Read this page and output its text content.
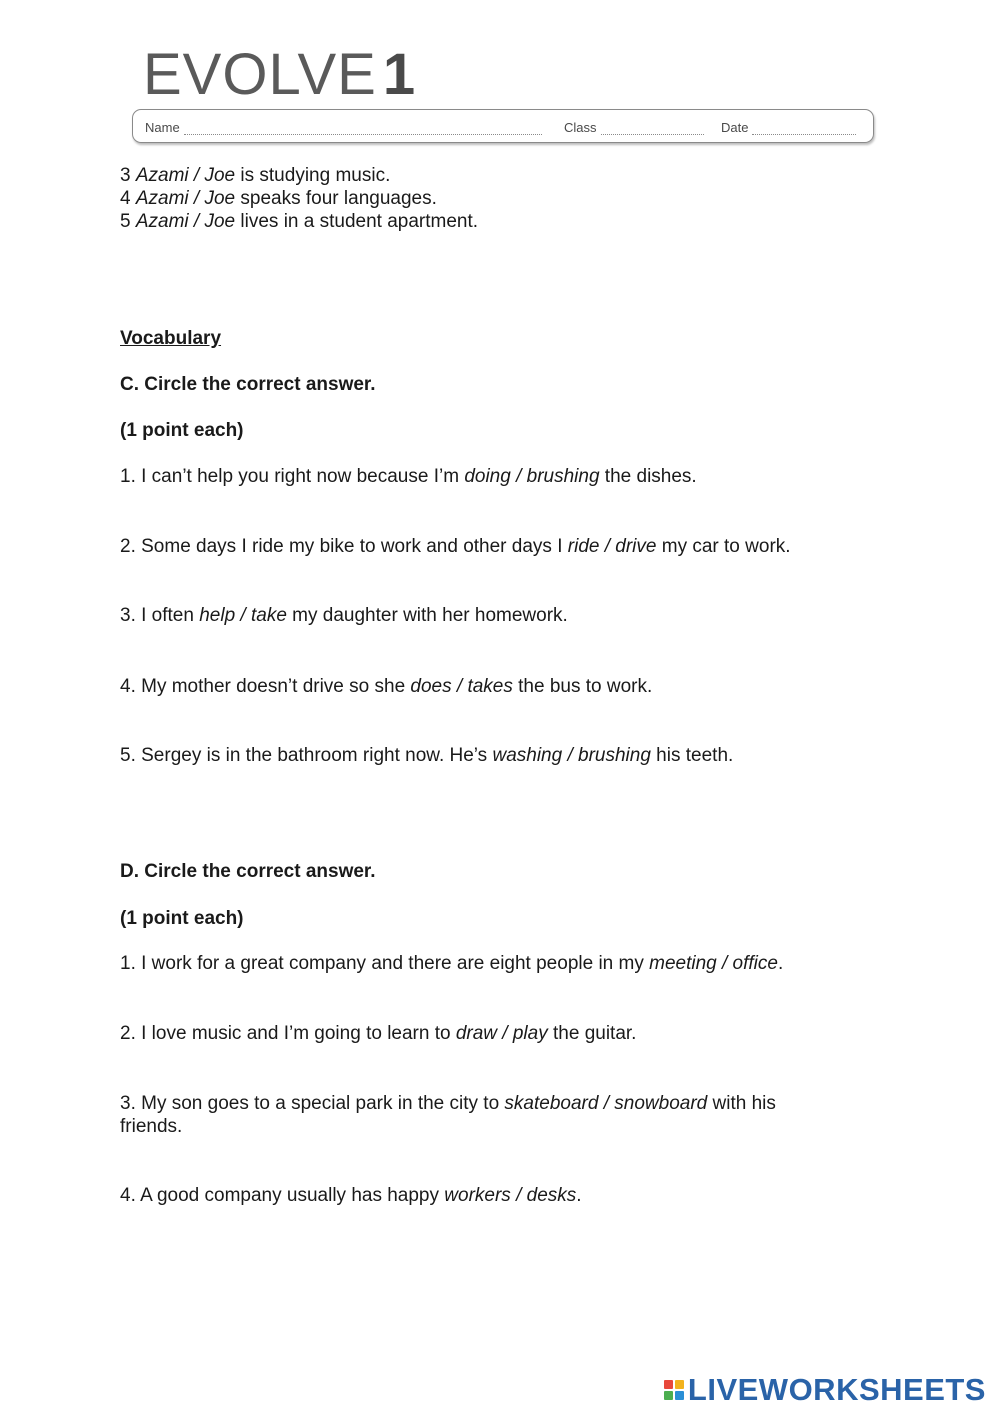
EVOLVE 1
Name	Class	Date
3 Azami / Joe is studying music.
4 Azami / Joe speaks four languages.
5 Azami / Joe lives in a student apartment.
Vocabulary
C. Circle the correct answer.
(1 point each)
1. I can’t help you right now because I’m doing / brushing the dishes.
2. Some days I ride my bike to work and other days I ride / drive my car to work.
3. I often help / take my daughter with her homework.
4. My mother doesn’t drive so she does / takes the bus to work.
5. Sergey is in the bathroom right now. He’s washing / brushing his teeth.
D. Circle the correct answer.
(1 point each)
1. I work for a great company and there are eight people in my meeting / office.
2. I love music and I’m going to learn to draw / play the guitar.
3. My son goes to a special park in the city to skateboard / snowboard with his friends.
4. A good company usually has happy workers / desks.
LIVEWORKSHEETS
